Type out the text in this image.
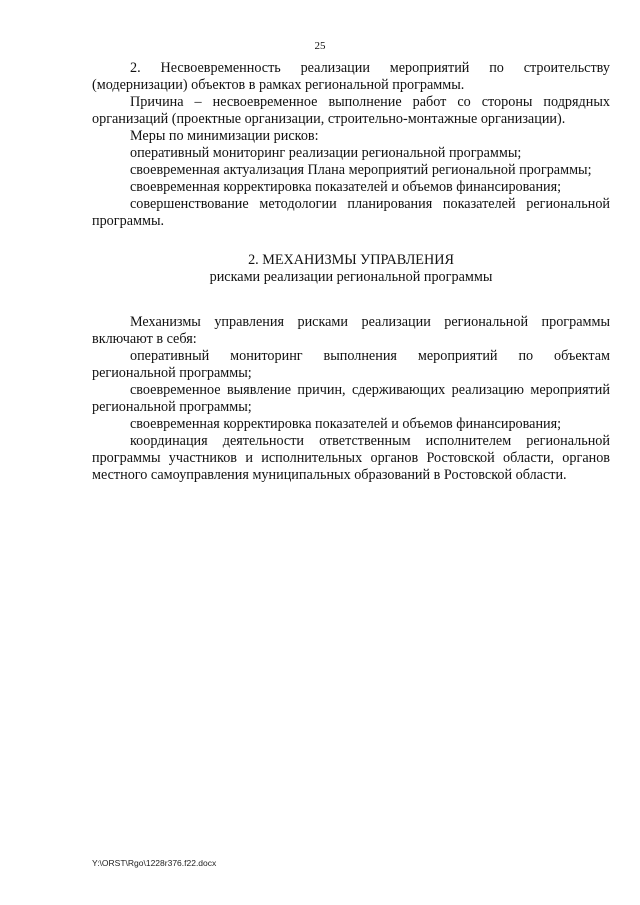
25

2. Несвоевременность реализации мероприятий по строительству (модернизации) объектов в рамках региональной программы.

Причина – несвоевременное выполнение работ со стороны подрядных организаций (проектные организации, строительно-монтажные организации).

Меры по минимизации рисков:

оперативный мониторинг реализации региональной программы;

своевременная актуализация Плана мероприятий региональной программы;

своевременная корректировка показателей и объемов финансирования;

совершенствование методологии планирования показателей региональной программы.

2. МЕХАНИЗМЫ УПРАВЛЕНИЯ

рисками реализации региональной программы

Механизмы управления рисками реализации региональной программы включают в себя:

оперативный мониторинг выполнения мероприятий по объектам региональной программы;

своевременное выявление причин, сдерживающих реализацию мероприятий региональной программы;

своевременная корректировка показателей и объемов финансирования;

координация деятельности ответственным исполнителем региональной программы участников и исполнительных органов Ростовской области, органов местного самоуправления муниципальных образований в Ростовской области.

Y:\ORST\Rgo\1228r376.f22.docx
